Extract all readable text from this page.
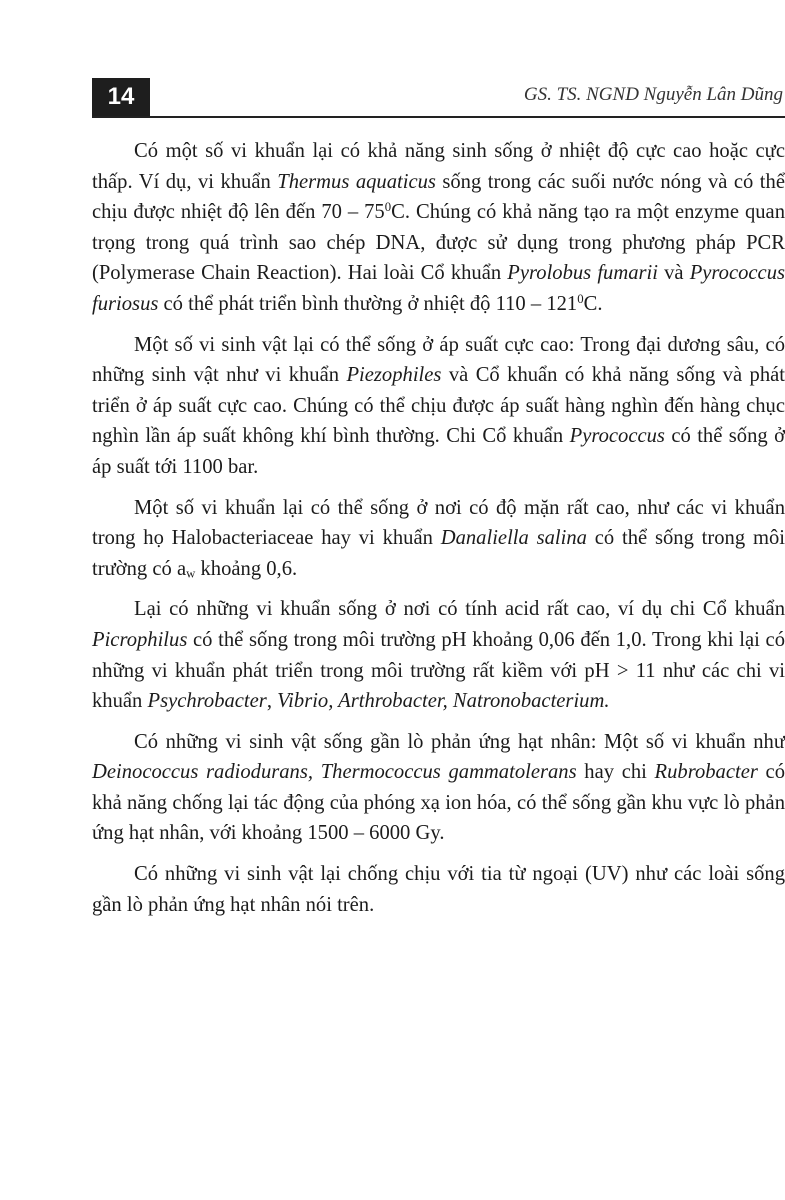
14	GS. TS. NGND Nguyễn Lân Dũng

Có một số vi khuẩn lại có khả năng sinh sống ở nhiệt độ cực cao hoặc cực thấp. Ví dụ, vi khuẩn Thermus aquaticus sống trong các suối nước nóng và có thể chịu được nhiệt độ lên đến $70 - 75^0C$. Chúng có khả năng tạo ra một enzyme quan trọng trong quá trình sao chép DNA, được sử dụng trong phương pháp PCR (Polymerase Chain Reaction). Hai loài Cổ khuẩn Pyrolobus fumarii và Pyrococcus furiosus có thể phát triển bình thường ở nhiệt độ $110 - 121^0C$.

Một số vi sinh vật lại có thể sống ở áp suất cực cao: Trong đại dương sâu, có những sinh vật như vi khuẩn Piezophiles và Cổ khuẩn có khả năng sống và phát triển ở áp suất cực cao. Chúng có thể chịu được áp suất hàng nghìn đến hàng chục nghìn lần áp suất không khí bình thường. Chi Cổ khuẩn Pyrococcus có thể sống ở áp suất tới 1100 bar.

Một số vi khuẩn lại có thể sống ở nơi có độ mặn rất cao, như các vi khuẩn trong họ Halobacteriaceae hay vi khuẩn Danaliella salina có thể sống trong môi trường có $a_w$ khoảng 0,6.

Lại có những vi khuẩn sống ở nơi có tính acid rất cao, ví dụ chi Cổ khuẩn Picrophilus có thể sống trong môi trường pH khoảng 0,06 đến 1,0. Trong khi lại có những vi khuẩn phát triển trong môi trường rất kiềm với pH > 11 như các chi vi khuẩn Psychrobacter, Vibrio, Arthrobacter, Natronobacterium.

Có những vi sinh vật sống gần lò phản ứng hạt nhân: Một số vi khuẩn như Deinococcus radiodurans, Thermococcus gammatolerans hay chi Rubrobacter có khả năng chống lại tác động của phóng xạ ion hóa, có thể sống gần khu vực lò phản ứng hạt nhân, với khoảng 1500 – 6000 Gy.

Có những vi sinh vật lại chống chịu với tia từ ngoại (UV) như các loài sống gần lò phản ứng hạt nhân nói trên.
